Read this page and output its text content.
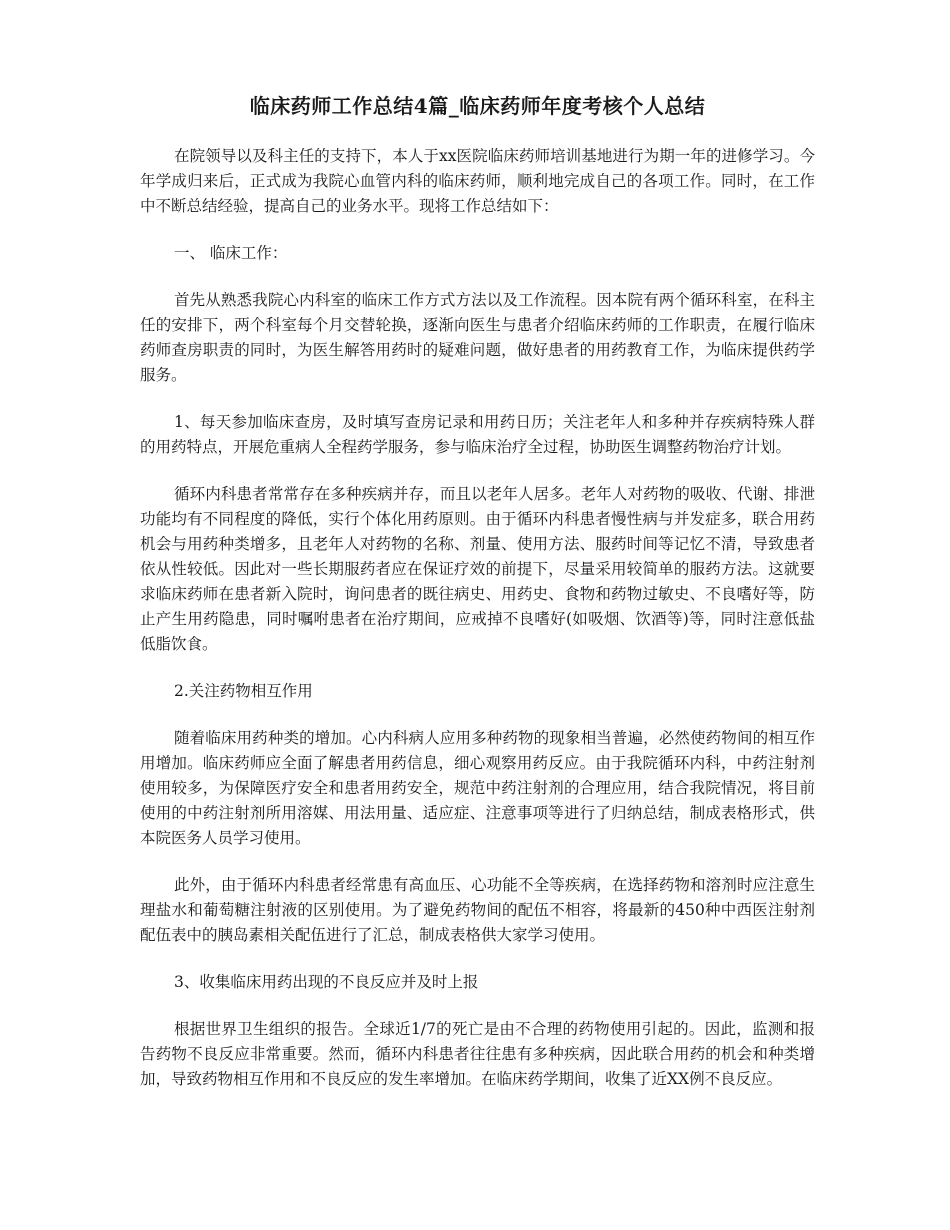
临床药师工作总结4篇_临床药师年度考核个人总结

在院领导以及科主任的支持下，本人于xx医院临床药师培训基地进行为期一年的进修学习。今年学成归来后，正式成为我院心血管内科的临床药师，顺利地完成自己的各项工作。同时，在工作中不断总结经验，提高自己的业务水平。现将工作总结如下：

一、 临床工作：

首先从熟悉我院心内科室的临床工作方式方法以及工作流程。因本院有两个循环科室，在科主任的安排下，两个科室每个月交替轮换，逐渐向医生与患者介绍临床药师的工作职责，在履行临床药师查房职责的同时，为医生解答用药时的疑难问题，做好患者的用药教育工作，为临床提供药学服务。

1、每天参加临床查房，及时填写查房记录和用药日历；关注老年人和多种并存疾病特殊人群的用药特点，开展危重病人全程药学服务，参与临床治疗全过程，协助医生调整药物治疗计划。

循环内科患者常常存在多种疾病并存，而且以老年人居多。老年人对药物的吸收、代谢、排泄功能均有不同程度的降低，实行个体化用药原则。由于循环内科患者慢性病与并发症多，联合用药机会与用药种类增多，且老年人对药物的名称、剂量、使用方法、服药时间等记忆不清，导致患者依从性较低。因此对一些长期服药者应在保证疗效的前提下，尽量采用较简单的服药方法。这就要求临床药师在患者新入院时，询问患者的既往病史、用药史、食物和药物过敏史、不良嗜好等，防止产生用药隐患，同时嘱咐患者在治疗期间，应戒掉不良嗜好(如吸烟、饮酒等)等，同时注意低盐低脂饮食。

2.关注药物相互作用

随着临床用药种类的增加。心内科病人应用多种药物的现象相当普遍，必然使药物间的相互作用增加。临床药师应全面了解患者用药信息，细心观察用药反应。由于我院循环内科，中药注射剂使用较多，为保障医疗安全和患者用药安全，规范中药注射剂的合理应用，结合我院情况，将目前使用的中药注射剂所用溶媒、用法用量、适应症、注意事项等进行了归纳总结，制成表格形式，供本院医务人员学习使用。

此外，由于循环内科患者经常患有高血压、心功能不全等疾病，在选择药物和溶剂时应注意生理盐水和葡萄糖注射液的区别使用。为了避免药物间的配伍不相容，将最新的450种中西医注射剂配伍表中的胰岛素相关配伍进行了汇总，制成表格供大家学习使用。

3、收集临床用药出现的不良反应并及时上报

根据世界卫生组织的报告。全球近1/7的死亡是由不合理的药物使用引起的。因此，监测和报告药物不良反应非常重要。然而，循环内科患者往往患有多种疾病，因此联合用药的机会和种类增加，导致药物相互作用和不良反应的发生率增加。在临床药学期间，收集了近XX例不良反应。
